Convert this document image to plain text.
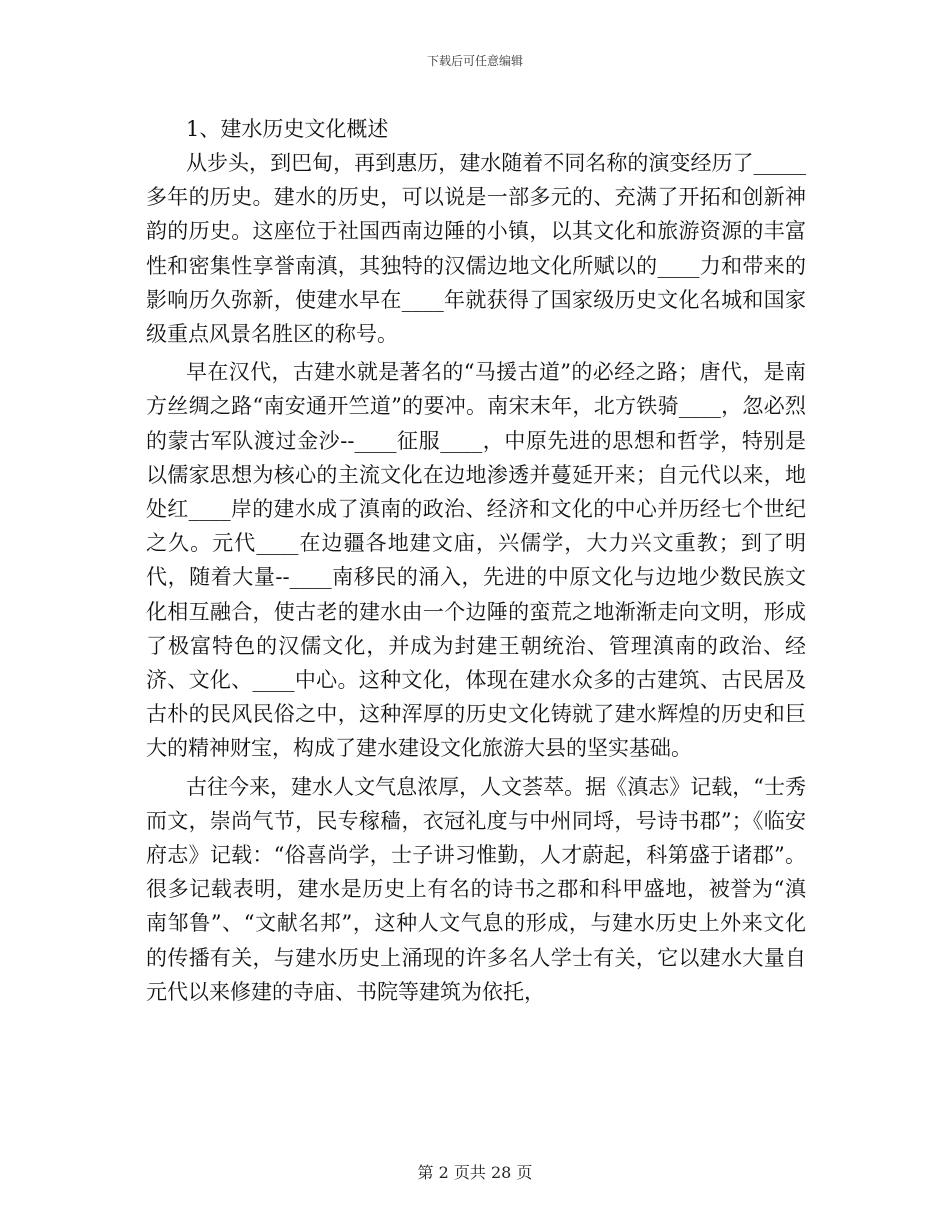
下载后可任意编辑
1、建水历史文化概述

从步头，到巴甸，再到惠历，建水随着不同名称的演变经历了_____多年的历史。建水的历史，可以说是一部多元的、充满了开拓和创新神韵的历史。这座位于社国西南边陲的小镇，以其文化和旅游资源的丰富性和密集性享誉南滇，其独特的汉儒边地文化所赋以的____力和带来的影响历久弥新，使建水早在____年就获得了国家级历史文化名城和国家级重点风景名胜区的称号。

早在汉代，古建水就是著名的“马援古道”的必经之路；唐代，是南方丝绸之路“南安通开竺道”的要冲。南宋末年，北方铁骑____，忽必烈的蒙古军队渡过金沙--____征服____，中原先进的思想和哲学，特别是以儒家思想为核心的主流文化在边地渗透并蔓延开来；自元代以来，地处红____岸的建水成了滇南的政治、经济和文化的中心并历经七个世纪之久。元代____在边疆各地建文庙，兴儒学，大力兴文重教；到了明代，随着大量--____南移民的涌入，先进的中原文化与边地少数民族文化相互融合，使古老的建水由一个边陲的蛮荒之地渐渐走向文明，形成了极富特色的汉儒文化，并成为封建王朝统治、管理滇南的政治、经济、文化、____中心。这种文化，体现在建水众多的古建筑、古民居及古朴的民风民俗之中，这种浑厚的历史文化铸就了建水辉煌的历史和巨大的精神财宝，构成了建水建设文化旅游大县的坚实基础。

古往今来，建水人文气息浓厚，人文荟萃。据《滇志》记载，“士秀而文，崇尚气节，民专稼穑，衣冠礼度与中州同埒，号诗书郡”；《临安府志》记载：“俗喜尚学，士子讲习惟勤，人才蔚起，科第盛于诸郡”。很多记载表明，建水是历史上有名的诗书之郡和科甲盛地，被誉为“滇南邹鲁”、“文献名邦”，这种人文气息的形成，与建水历史上外来文化的传播有关，与建水历史上涌现的许多名人学士有关，它以建水大量自元代以来修建的寺庙、书院等建筑为依托，

第 2 页共 28 页
